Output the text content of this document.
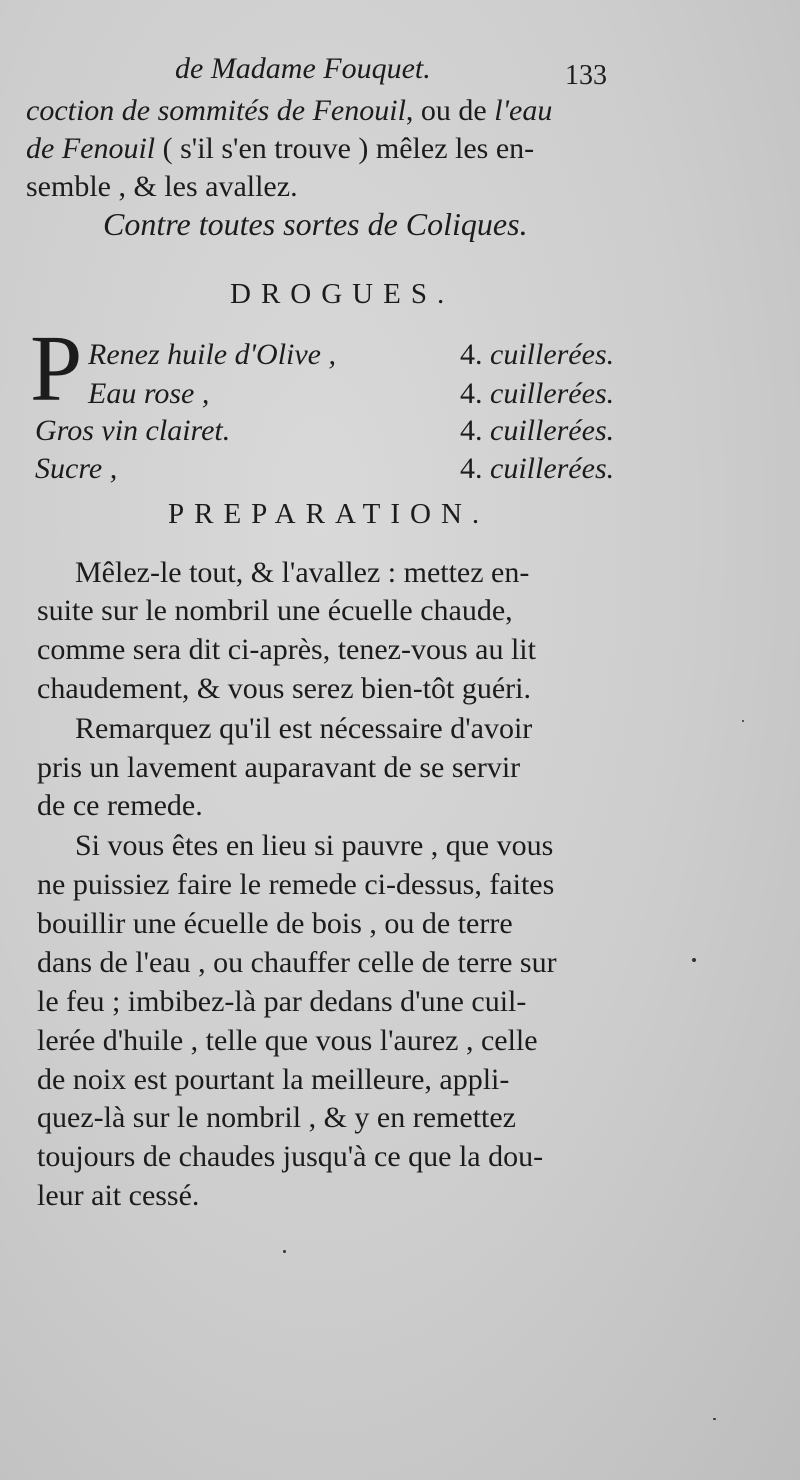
de Madame Fouquet.	133
coction de sommités de Fenouil, ou de l'eau
de Fenouil ( s'il s'en trouve ) mêlez les en-
semble , & les avallez.
Contre toutes sortes de Coliques.
DROGUES.
P Renez huile d'Olive ,	4. cuillerées.
Eau rose ,	4. cuillerées.
Gros vin clairet.	4. cuillerées.
Sucre ,	4. cuillerées.
PREPARATION.
Mêlez-le tout, & l'avallez : mettez en-
suite sur le nombril une écuelle chaude,
comme sera dit ci-après, tenez-vous au lit
chaudement, & vous serez bien-tôt guéri.
Remarquez qu'il est nécessaire d'avoir
pris un lavement auparavant de se servir
de ce remede.
Si vous êtes en lieu si pauvre , que vous
ne puissiez faire le remede ci-dessus, faites
bouillir une écuelle de bois , ou de terre
dans de l'eau , ou chauffer celle de terre sur
le feu ; imbibez-là par dedans d'une cuil-
lerée d'huile , telle que vous l'aurez , celle
de noix est pourtant la meilleure, appli-
quez-là sur le nombril , & y en remettez
toujours de chaudes jusqu'à ce que la dou-
leur ait cessé.
